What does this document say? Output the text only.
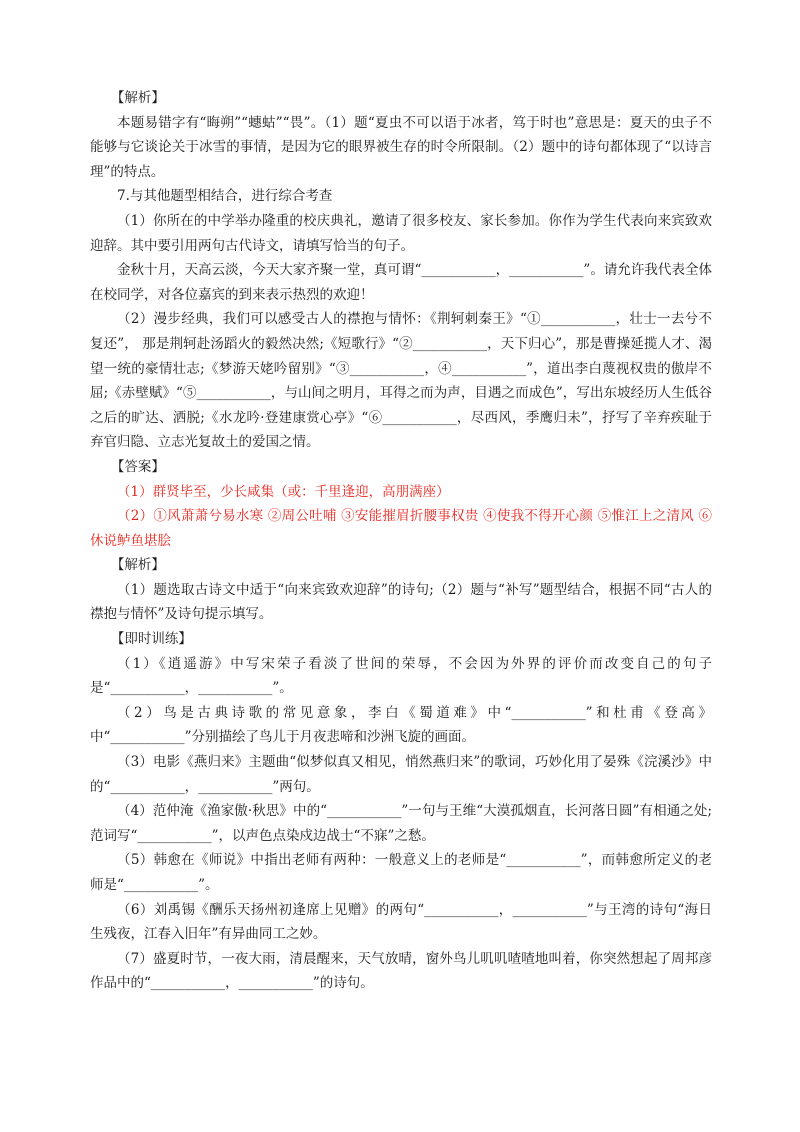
【解析】

本题易错字有“晦朔”“蟪蛄”“畏”。（1）题“夏虫不可以语于冰者，笃于时也”意思是：夏天的虫子不能够与它谈论关于冰雪的事情，是因为它的眼界被生存的时令所限制。（2）题中的诗句都体现了“以诗言理”的特点。

7.与其他题型相结合，进行综合考查

（1）你所在的中学举办隆重的校庆典礼，邀请了很多校友、家长参加。你作为学生代表向来宾致欢迎辞。其中要引用两句古代诗文，请填写恰当的句子。

金秋十月，天高云淡，今天大家齐聚一堂，真可谓“___________，___________”。请允许我代表全体在校同学，对各位嘉宾的到来表示热烈的欢迎！

（2）漫步经典，我们可以感受古人的襟抱与情怀：《荆轲刺秦王》“①___________，壮士一去兮不复还”， 那是荆轲赴汤蹈火的毅然决然;《短歌行》“②___________，天下归心”，那是曹操延揽人才、渴望一统的豪情壮志;《梦游天姥吟留别》“③___________，④___________”，道出李白蔑视权贵的傲岸不屈;《赤壁赋》“⑤___________，与山间之明月，耳得之而为声，目遇之而成色”，写出东坡经历人生低谷之后的旷达、洒脱;《水龙吟·登建康赏心亭》“⑥___________，尽西风，季鹰归未”，抒写了辛弃疾耻于弃官归隐、立志光复故土的爱国之情。

【答案】

（1）群贤毕至，少长咸集（或：千里逢迎，高朋满座）

（2）①风萧萧兮易水寒 ②周公吐哺 ③安能摧眉折腰事权贵 ④使我不得开心颜 ⑤惟江上之清风 ⑥休说鲈鱼堪脍

【解析】

（1）题选取古诗文中适于“向来宾致欢迎辞”的诗句;（2）题与“补写”题型结合，根据不同“古人的襟抱与情怀”及诗句提示填写。

【即时训练】

（1）《逍遥游》中写宋荣子看淡了世间的荣辱，不会因为外界的评价而改变自己的句子是“___________，___________”。

（2）鸟是古典诗歌的常见意象，李白《蜀道难》中“___________”和杜甫《登高》中“___________”分别描绘了鸟儿于月夜悲啼和沙洲飞旋的画面。

（3）电影《燕归来》主题曲“似梦似真又相见，悄然燕归来”的歌词，巧妙化用了晏殊《浣溪沙》中的“___________，___________”两句。

（4）范仲淹《渔家傲·秋思》中的“___________”一句与王维“大漠孤烟直，长河落日圆”有相通之处;范词写“___________”，以声色点染戍边战士“不寐”之愁。

（5）韩愈在《师说》中指出老师有两种：一般意义上的老师是“___________”，而韩愈所定义的老师是“___________”。

（6）刘禹锡《酬乐天扬州初逢席上见赠》的两句“___________，___________”与王湾的诗句“海日生残夜，江春入旧年”有异曲同工之妙。

（7）盛夏时节，一夜大雨，清晨醒来，天气放晴，窗外鸟儿叽叽喳喳地叫着，你突然想起了周邦彦作品中的“___________，___________”的诗句。
